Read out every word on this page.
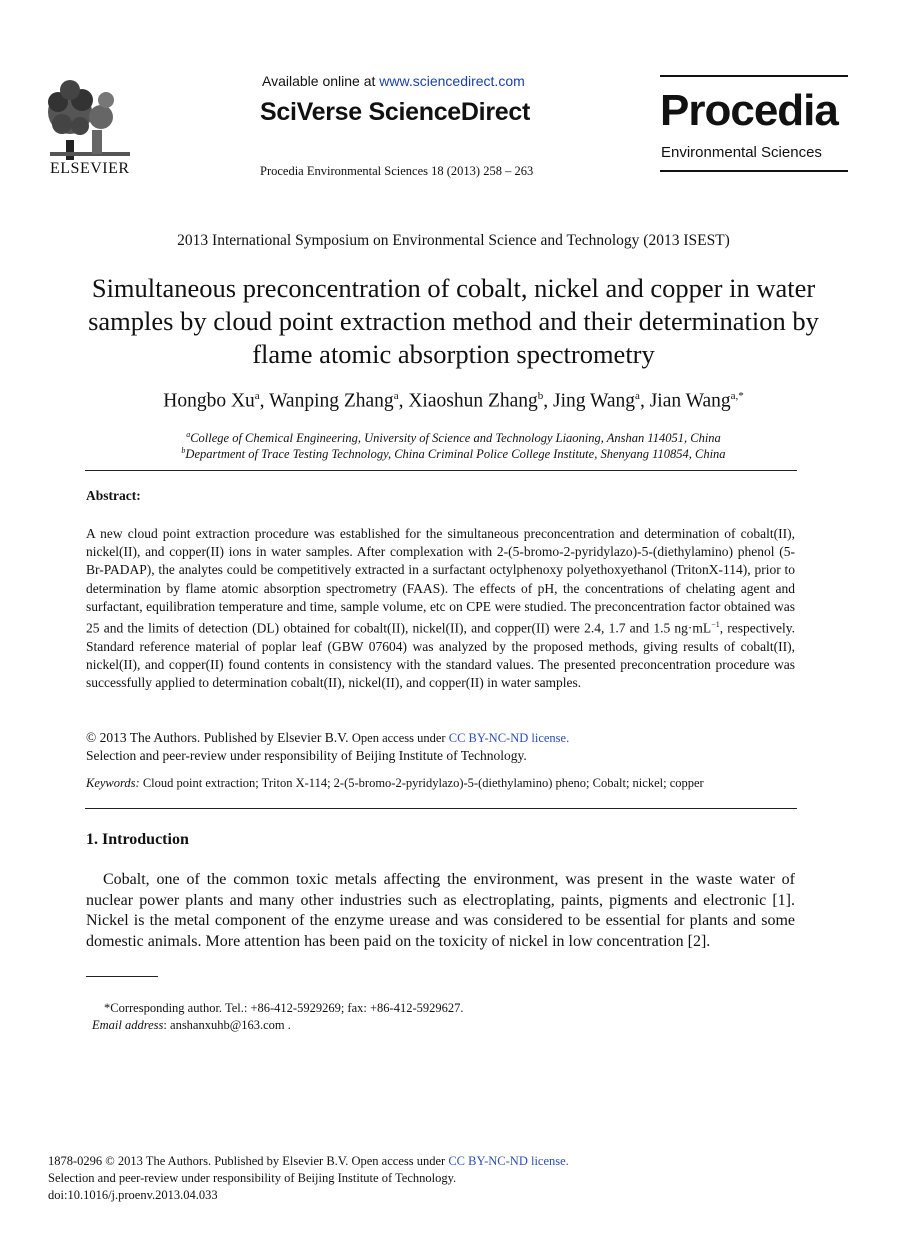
ELSEVIER
Available online at www.sciencedirect.com
SciVerse ScienceDirect
Procedia Environmental Sciences 18 (2013) 258 – 263
Procedia
Environmental Sciences
2013 International Symposium on Environmental Science and Technology (2013 ISEST)
Simultaneous preconcentration of cobalt, nickel and copper in water samples by cloud point extraction method and their determination by flame atomic absorption spectrometry
Hongbo Xu$^a$, Wanping Zhang$^a$, Xiaoshun Zhang$^b$, Jing Wang$^a$, Jian Wang$^{a,*}$
$^a$College of Chemical Engineering, University of Science and Technology Liaoning, Anshan 114051, China
$^b$Department of Trace Testing Technology, China Criminal Police College Institute, Shenyang 110854, China
Abstract:
A new cloud point extraction procedure was established for the simultaneous preconcentration and determination of cobalt(II), nickel(II), and copper(II) ions in water samples. After complexation with 2-(5-bromo-2-pyridylazo)-5-(diethylamino) phenol (5-Br-PADAP), the analytes could be competitively extracted in a surfactant octylphenoxy polyethoxyethanol (TritonX-114), prior to determination by flame atomic absorption spectrometry (FAAS). The effects of pH, the concentrations of chelating agent and surfactant, equilibration temperature and time, sample volume, etc on CPE were studied. The preconcentration factor obtained was 25 and the limits of detection (DL) obtained for cobalt(II), nickel(II), and copper(II) were 2.4, 1.7 and 1.5 $ng\cdot mL^{-1}$, respectively. Standard reference material of poplar leaf (GBW 07604) was analyzed by the proposed methods, giving results of cobalt(II), nickel(II), and copper(II) found contents in consistency with the standard values. The presented preconcentration procedure was successfully applied to determination cobalt(II), nickel(II), and copper(II) in water samples.
© 2013 The Authors. Published by Elsevier B.V. Open access under CC BY-NC-ND license.
Selection and peer-review under responsibility of Beijing Institute of Technology.
Keywords: Cloud point extraction; Triton X-114; 2-(5-bromo-2-pyridylazo)-5-(diethylamino) pheno; Cobalt; nickel; copper
1. Introduction
Cobalt, one of the common toxic metals affecting the environment, was present in the waste water of nuclear power plants and many other industries such as electroplating, paints, pigments and electronic [1]. Nickel is the metal component of the enzyme urease and was considered to be essential for plants and some domestic animals. More attention has been paid on the toxicity of nickel in low concentration [2].
*Corresponding author. Tel.: +86-412-5929269; fax: +86-412-5929627.
Email address: anshanxuhb@163.com .
1878-0296 © 2013 The Authors. Published by Elsevier B.V. Open access under CC BY-NC-ND license.
Selection and peer-review under responsibility of Beijing Institute of Technology.
doi:10.1016/j.proenv.2013.04.033
